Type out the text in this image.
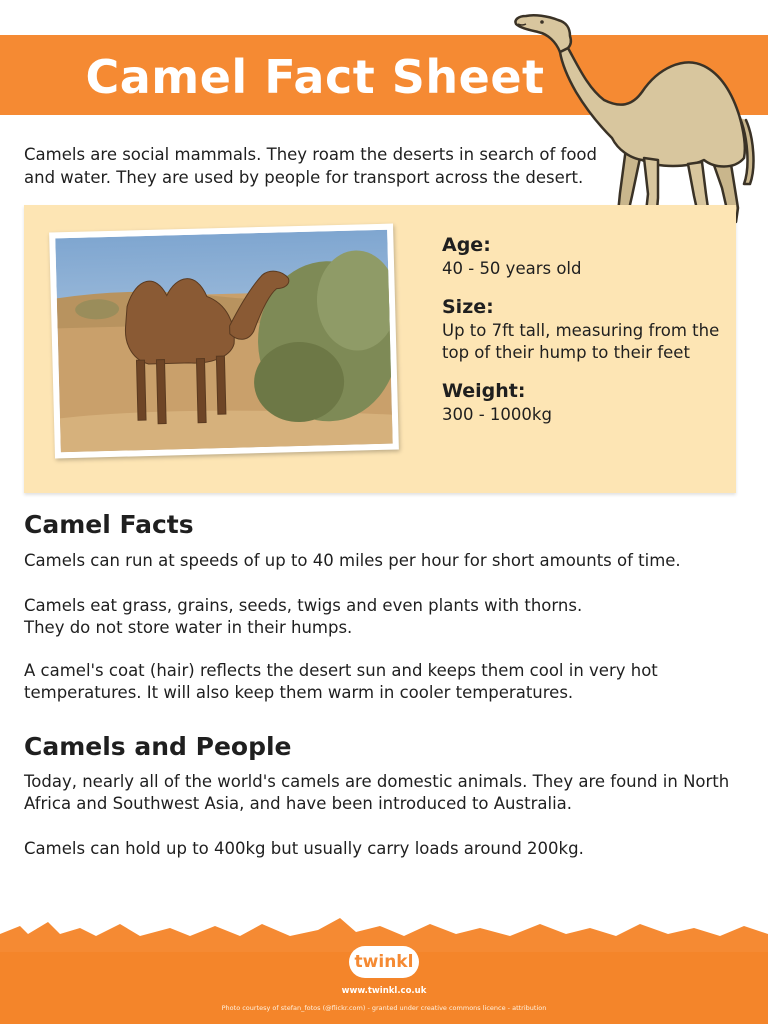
Camel Fact Sheet

Camels are social mammals. They roam the deserts in search of food and water. They are used by people for transport across the desert.

Age:

40 - 50 years old

Size:

Up to 7ft tall, measuring from the top of their hump to their feet

Weight:

300 - 1000kg

Camel Facts

Camels can run at speeds of up to 40 miles per hour for short amounts of time.

Camels eat grass, grains, seeds, twigs and even plants with thorns.

They do not store water in their humps.

A camel's coat (hair) reflects the desert sun and keeps them cool in very hot temperatures. It will also keep them warm in cooler temperatures.

Camels and People

Today, nearly all of the world's camels are domestic animals. They are found in North Africa and Southwest Asia, and have been introduced to Australia.

Camels can hold up to 400kg but usually carry loads around 200kg.

twinkl
www.twinkl.co.uk
Photo courtesy of stefan_fotos (@flickr.com) - granted under creative commons licence - attribution
